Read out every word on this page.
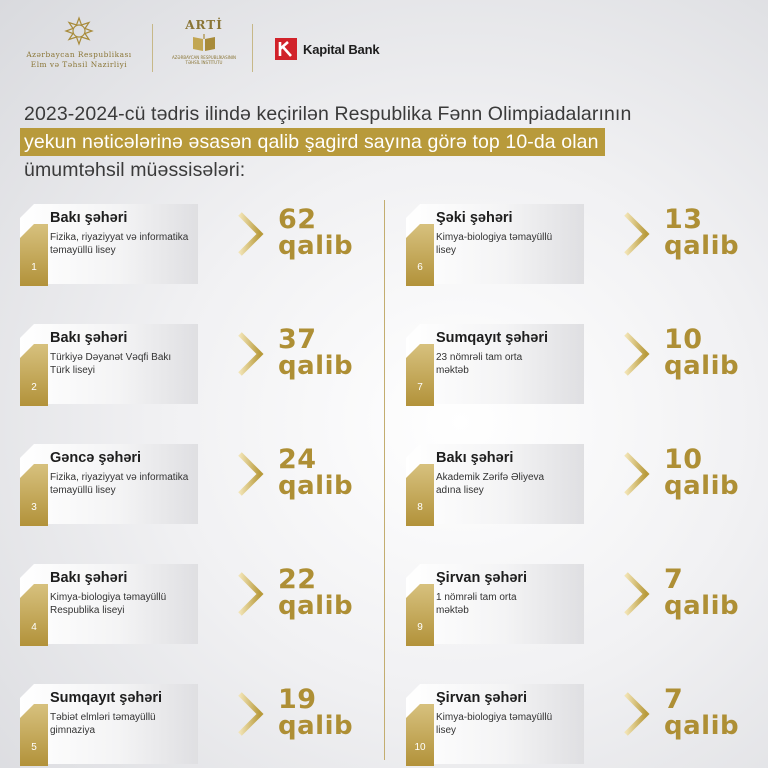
Azərbaycan Respublikası
Elm və Təhsil Nazirliyi
ARTİ
AZƏRBAYCAN RESPUBLİKASININ
TƏHSİL İNSTİTUTU
Kapital Bank
2023-2024-cü tədris ilində keçirilən Respublika Fənn Olimpiadalarının
yekun nəticələrinə əsasən qalib şagird sayına görə top 10-da olan
ümumtəhsil müəssisələri:
1
Bakı şəhəri
Fizika, riyaziyyat və informatika
təmayüllü lisey
62
qalib
2
Bakı şəhəri
Türkiyə Dəyanət Vəqfi Bakı
Türk liseyi
37
qalib
3
Gəncə şəhəri
Fizika, riyaziyyat və informatika
təmayüllü lisey
24
qalib
4
Bakı şəhəri
Kimya-biologiya təmayüllü
Respublika liseyi
22
qalib
5
Sumqayıt şəhəri
Təbiət elmləri təmayüllü
gimnaziya
19
qalib
6
Şəki şəhəri
Kimya-biologiya təmayüllü
lisey
13
qalib
7
Sumqayıt şəhəri
23 nömrəli tam orta
məktəb
10
qalib
8
Bakı şəhəri
Akademik Zərifə Əliyeva
adına lisey
10
qalib
9
Şirvan şəhəri
1 nömrəli tam orta
məktəb
7
qalib
10
Şirvan şəhəri
Kimya-biologiya təmayüllü
lisey
7
qalib
